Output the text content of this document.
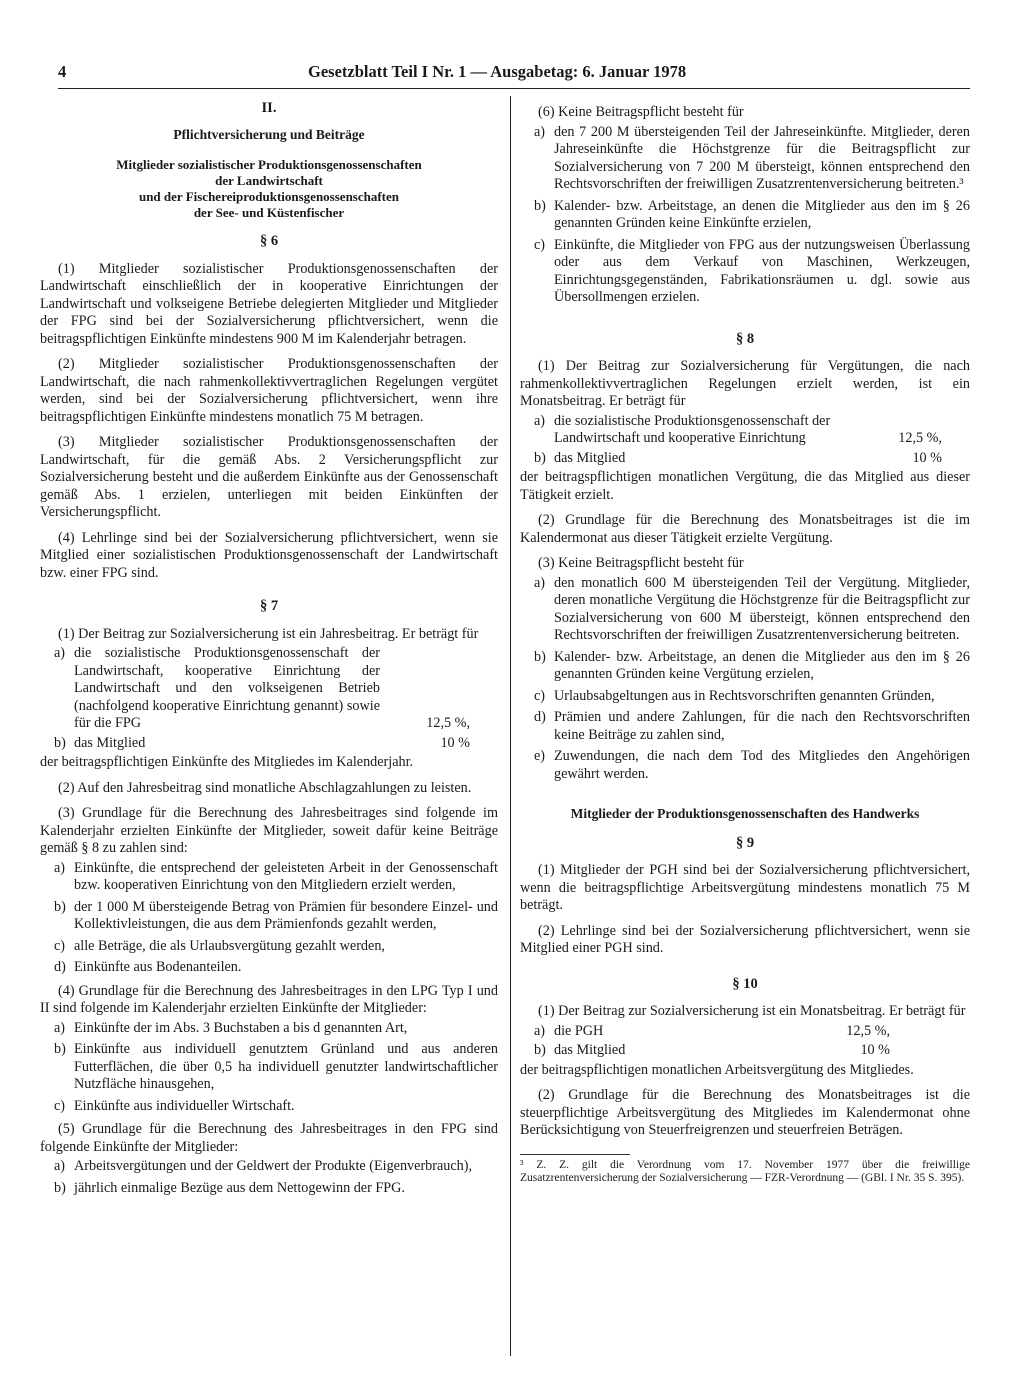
4	Gesetzblatt Teil I Nr. 1 — Ausgabetag: 6. Januar 1978
II.
Pflichtversicherung und Beiträge
Mitglieder sozialistischer Produktionsgenossenschaften
der Landwirtschaft
und der Fischereiproduktionsgenossenschaften
der See- und Küstenfischer
§ 6

(1) Mitglieder sozialistischer Produktionsgenossenschaften der Landwirtschaft einschließlich der in kooperative Einrichtungen der Landwirtschaft und volkseigene Betriebe delegierten Mitglieder und Mitglieder der FPG sind bei der Sozialversicherung pflichtversichert, wenn die beitragspflichtigen Einkünfte mindestens 900 M im Kalenderjahr betragen.

(2) Mitglieder sozialistischer Produktionsgenossenschaften der Landwirtschaft, die nach rahmenkollektivvertraglichen Regelungen vergütet werden, sind bei der Sozialversicherung pflichtversichert, wenn ihre beitragspflichtigen Einkünfte mindestens monatlich 75 M betragen.

(3) Mitglieder sozialistischer Produktionsgenossenschaften der Landwirtschaft, für die gemäß Abs. 2 Versicherungspflicht zur Sozialversicherung besteht und die außerdem Einkünfte aus der Genossenschaft gemäß Abs. 1 erzielen, unterliegen mit beiden Einkünften der Versicherungspflicht.

(4) Lehrlinge sind bei der Sozialversicherung pflichtversichert, wenn sie Mitglied einer sozialistischen Produktionsgenossenschaft der Landwirtschaft bzw. einer FPG sind.

§ 7

(1) Der Beitrag zur Sozialversicherung ist ein Jahresbeitrag. Er beträgt für

a) die sozialistische Produktionsgenossenschaft der Landwirtschaft, kooperative Einrichtung der Landwirtschaft und den volkseigenen Betrieb (nachfolgend kooperative Einrichtung genannt) sowie für die FPG	12,5 %,
b) das Mitglied	10 %

der beitragspflichtigen Einkünfte des Mitgliedes im Kalenderjahr.

(2) Auf den Jahresbeitrag sind monatliche Abschlagzahlungen zu leisten.

(3) Grundlage für die Berechnung des Jahresbeitrages sind folgende im Kalenderjahr erzielten Einkünfte der Mitglieder, soweit dafür keine Beiträge gemäß § 8 zu zahlen sind:

a) Einkünfte, die entsprechend der geleisteten Arbeit in der Genossenschaft bzw. kooperativen Einrichtung von den Mitgliedern erzielt werden,
b) der 1 000 M übersteigende Betrag von Prämien für besondere Einzel- und Kollektivleistungen, die aus dem Prämienfonds gezahlt werden,
c) alle Beträge, die als Urlaubsvergütung gezahlt werden,
d) Einkünfte aus Bodenanteilen.

(4) Grundlage für die Berechnung des Jahresbeitrages in den LPG Typ I und II sind folgende im Kalenderjahr erzielten Einkünfte der Mitglieder:

a) Einkünfte der im Abs. 3 Buchstaben a bis d genannten Art,
b) Einkünfte aus individuell genutztem Grünland und aus anderen Futterflächen, die über 0,5 ha individuell genutzter landwirtschaftlicher Nutzfläche hinausgehen,
c) Einkünfte aus individueller Wirtschaft.

(5) Grundlage für die Berechnung des Jahresbeitrages in den FPG sind folgende Einkünfte der Mitglieder:

a) Arbeitsvergütungen und der Geldwert der Produkte (Eigenverbrauch),
b) jährlich einmalige Bezüge aus dem Nettogewinn der FPG.

(6) Keine Beitragspflicht besteht für

a) den 7 200 M übersteigenden Teil der Jahreseinkünfte. Mitglieder, deren Jahreseinkünfte die Höchstgrenze für die Beitragspflicht zur Sozialversicherung von 7 200 M übersteigt, können entsprechend den Rechtsvorschriften der freiwilligen Zusatzrentenversicherung beitreten.³
b) Kalender- bzw. Arbeitstage, an denen die Mitglieder aus den im § 26 genannten Gründen keine Einkünfte erzielen,
c) Einkünfte, die Mitglieder von FPG aus der nutzungsweisen Überlassung oder aus dem Verkauf von Maschinen, Werkzeugen, Einrichtungsgegenständen, Fabrikationsräumen u. dgl. sowie aus Übersollmengen erzielen.
§ 8

(1) Der Beitrag zur Sozialversicherung für Vergütungen, die nach rahmenkollektivvertraglichen Regelungen erzielt werden, ist ein Monatsbeitrag. Er beträgt für

a) die sozialistische Produktionsgenossenschaft der Landwirtschaft und kooperative Einrichtung	12,5 %,
b) das Mitglied	10 %

der beitragspflichtigen monatlichen Vergütung, die das Mitglied aus dieser Tätigkeit erzielt.

(2) Grundlage für die Berechnung des Monatsbeitrages ist die im Kalendermonat aus dieser Tätigkeit erzielte Vergütung.

(3) Keine Beitragspflicht besteht für

a) den monatlich 600 M übersteigenden Teil der Vergütung. Mitglieder, deren monatliche Vergütung die Höchstgrenze für die Beitragspflicht zur Sozialversicherung von 600 M übersteigt, können entsprechend den Rechtsvorschriften der freiwilligen Zusatzrentenversicherung beitreten.
b) Kalender- bzw. Arbeitstage, an denen die Mitglieder aus den im § 26 genannten Gründen keine Vergütung erzielen,
c) Urlaubsabgeltungen aus in Rechtsvorschriften genannten Gründen,
d) Prämien und andere Zahlungen, für die nach den Rechtsvorschriften keine Beiträge zu zahlen sind,
e) Zuwendungen, die nach dem Tod des Mitgliedes den Angehörigen gewährt werden.
Mitglieder der Produktionsgenossenschaften des Handwerks
§ 9

(1) Mitglieder der PGH sind bei der Sozialversicherung pflichtversichert, wenn die beitragspflichtige Arbeitsvergütung mindestens monatlich 75 M beträgt.

(2) Lehrlinge sind bei der Sozialversicherung pflichtversichert, wenn sie Mitglied einer PGH sind.

§ 10

(1) Der Beitrag zur Sozialversicherung ist ein Monatsbeitrag. Er beträgt für

a) die PGH	12,5 %,
b) das Mitglied	10 %

der beitragspflichtigen monatlichen Arbeitsvergütung des Mitgliedes.

(2) Grundlage für die Berechnung des Monatsbeitrages ist die steuerpflichtige Arbeitsvergütung des Mitgliedes im Kalendermonat ohne Berücksichtigung von Steuerfreigrenzen und steuerfreien Beträgen.

³ Z. Z. gilt die Verordnung vom 17. November 1977 über die freiwillige Zusatzrentenversicherung der Sozialversicherung — FZR-Verordnung — (GBl. I Nr. 35 S. 395).
